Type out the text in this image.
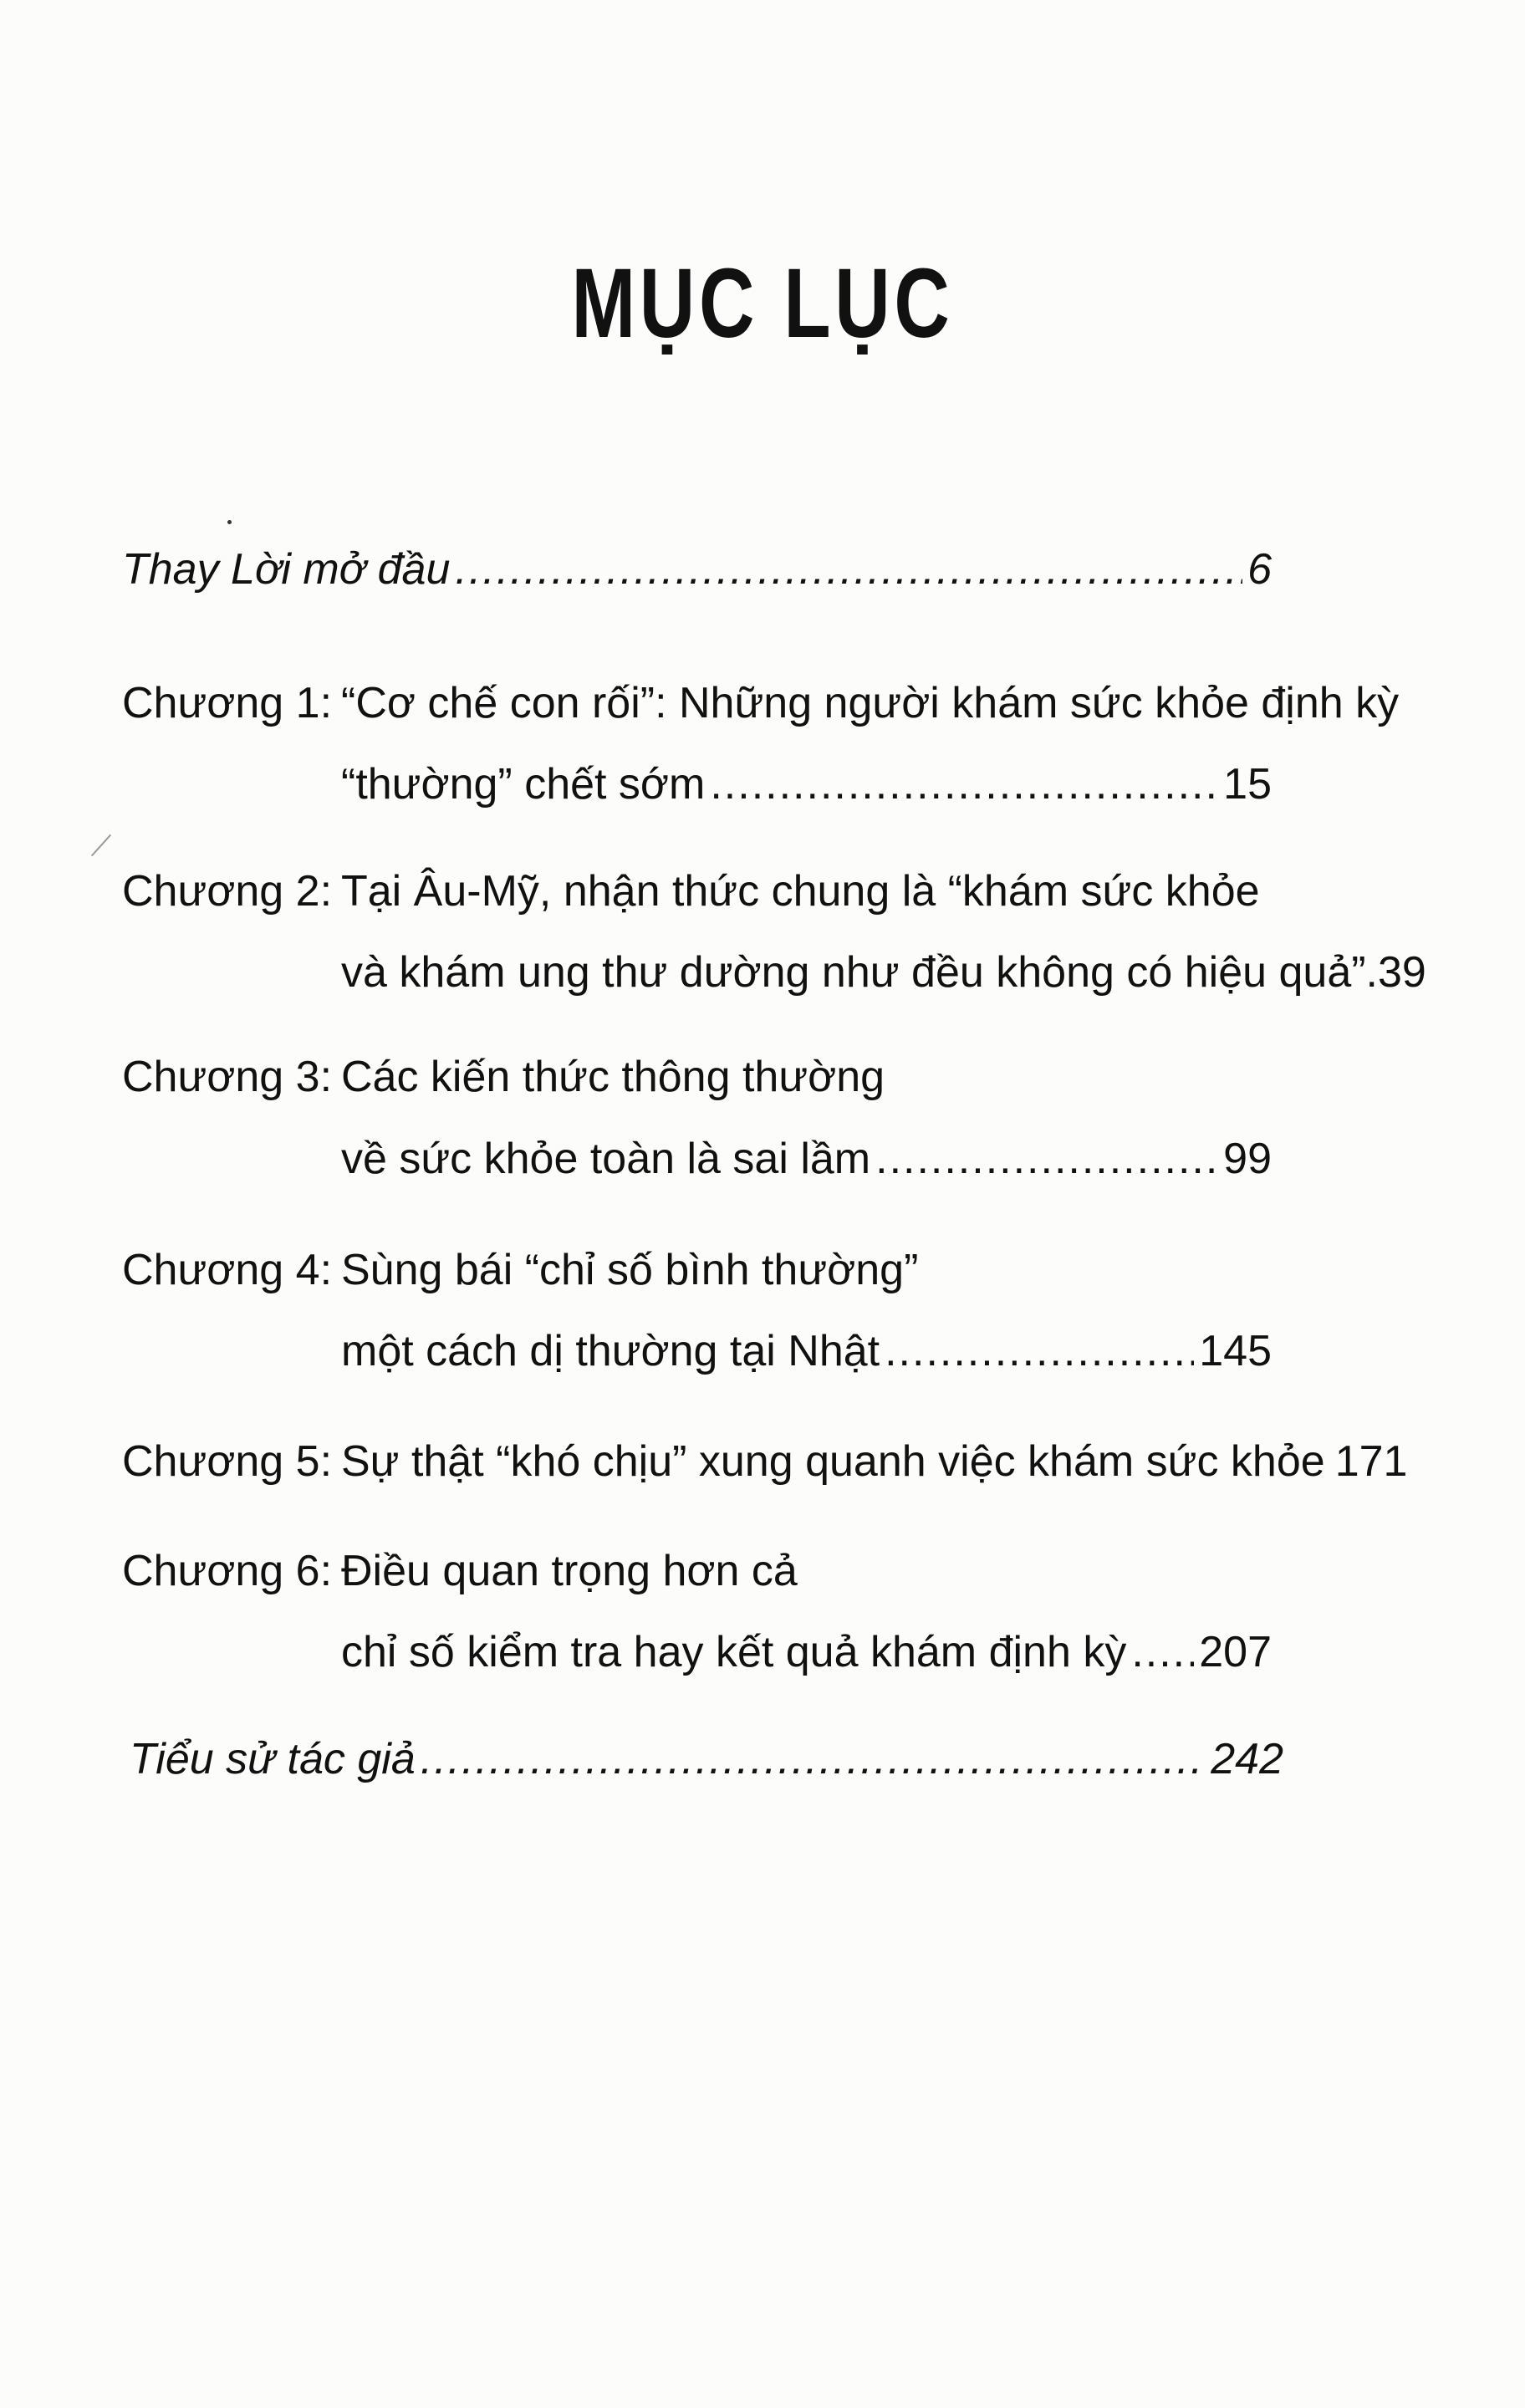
MỤC LỤC
Thay Lời mở đầu .....	6
Chương 1: “Cơ chế con rối”: Những người khám sức khỏe định kỳ
“thường” chết sớm .....	15
Chương 2: Tại Âu-Mỹ, nhận thức chung là “khám sức khỏe
và khám ung thư dường như đều không có hiệu quả”. 39
Chương 3: Các kiến thức thông thường
về sức khỏe toàn là sai lầm .....	99
Chương 4: Sùng bái “chỉ số bình thường”
một cách dị thường tại Nhật .....	145
Chương 5: Sự thật “khó chịu” xung quanh việc khám sức khỏe 171
Chương 6: Điều quan trọng hơn cả
chỉ số kiểm tra hay kết quả khám định kỳ ..... 207
Tiểu sử tác giả .....	242
